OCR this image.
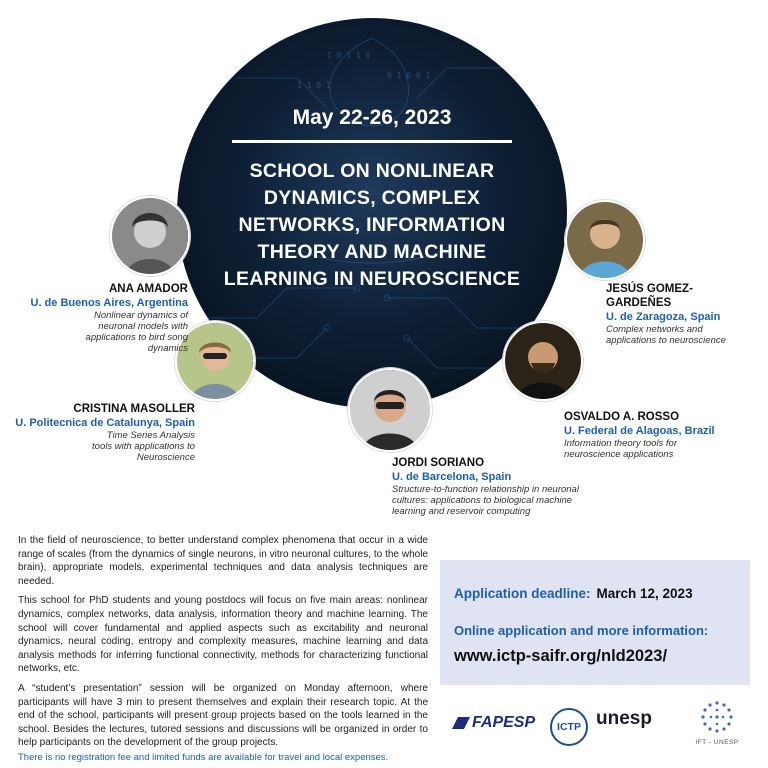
1 0 1 1 0
0 1 0 0 1
1 1 0 1
May 22-26, 2023
SCHOOL ON NONLINEAR
DYNAMICS, COMPLEX
NETWORKS, INFORMATION
THEORY AND MACHINE
LEARNING IN NEUROSCIENCE
ANA AMADOR
U. de Buenos Aires, Argentina
Nonlinear dynamics of neuronal models with applications to bird song dynamics
JESÚS GOMEZ-GARDEÑES
U. de Zaragoza, Spain
Complex networks and applications to neuroscience
CRISTINA MASOLLER
U. Politecnica de Catalunya, Spain
Time Series Analysis tools with applications to Neuroscience
OSVALDO A. ROSSO
U. Federal de Alagoas, Brazil
Information theory tools for neuroscience applications
JORDI SORIANO
U. de Barcelona, Spain
Structure-to-function relationship in neuronal cultures: applications to biological machine learning and reservoir computing

In the field of neuroscience, to better understand complex phenomena that occur in a wide range of scales (from the dynamics of single neurons, in vitro neuronal cultures, to the whole brain), appropriate models, experimental techniques and data analysis techniques are needed.

This school for PhD students and young postdocs will focus on five main areas: nonlinear dynamics, complex networks, data analysis, information theory and machine learning. The school will cover fundamental and applied aspects such as excitability and neuronal dynamics, neural coding, entropy and complexity measures, machine learning and data analysis methods for inferring functional connectivity, methods for characterizing functional networks, etc.

A “student’s presentation” session will be organized on Monday afternoon, where participants will have 3 min to present themselves and explain their research topic. At the end of the school, participants will present group projects based on the tools learned in the school. Besides the lectures, tutored sessions and discussions will be organized in order to help participants on the development of the group projects.

There is no registration fee and limited funds are available for travel and local expenses.
Application deadline: March 12, 2023
Online application and more information:
www.ictp-saifr.org/nld2023/
FAPESP	ICTP unesp
IFT - UNESP
